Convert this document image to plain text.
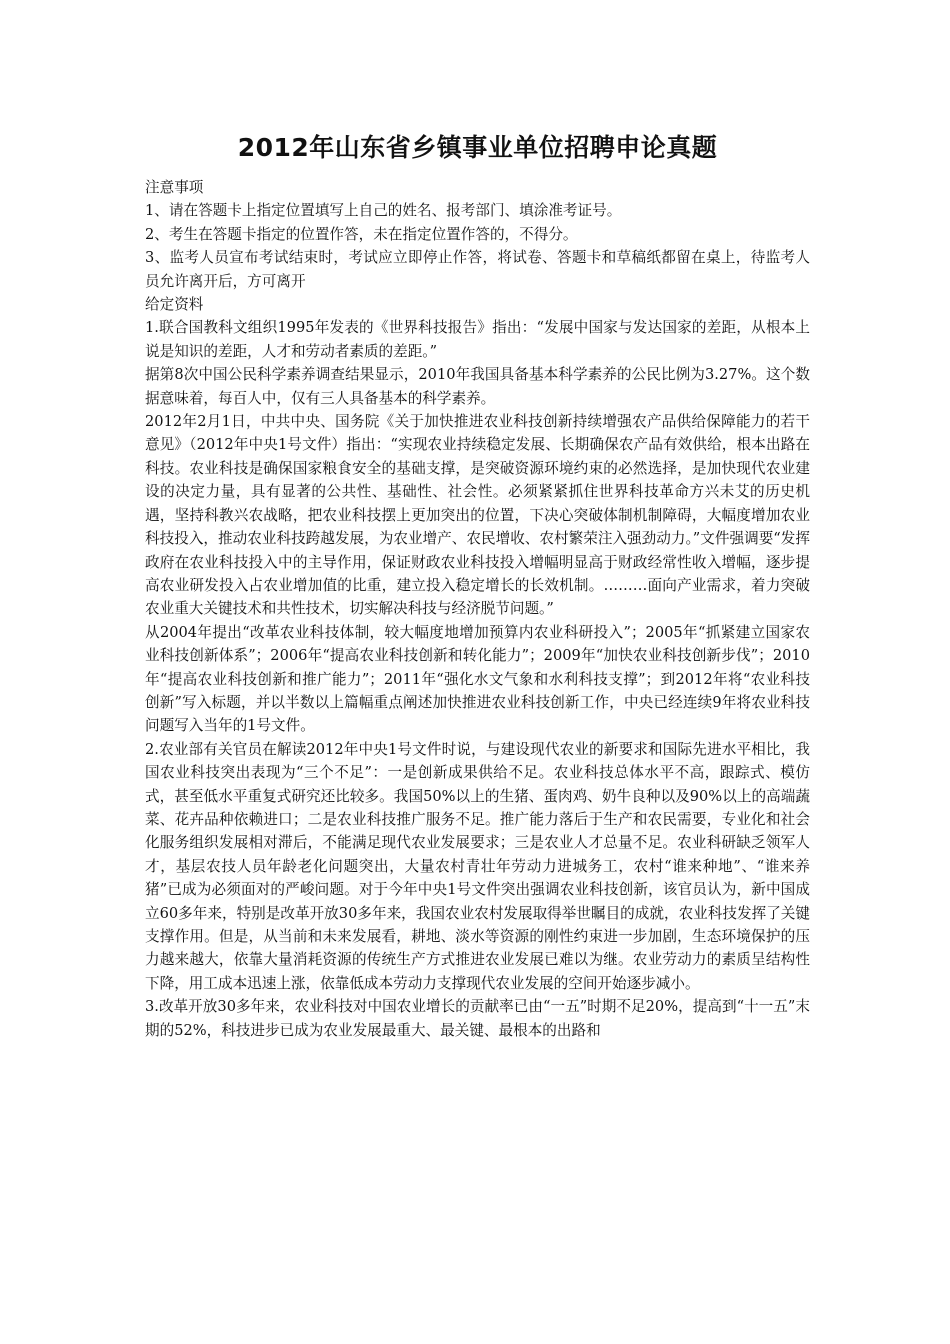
2012年山东省乡镇事业单位招聘申论真题

注意事项

1、请在答题卡上指定位置填写上自己的姓名、报考部门、填涂准考证号。

2、考生在答题卡指定的位置作答，未在指定位置作答的，不得分。

3、监考人员宣布考试结束时，考试应立即停止作答，将试卷、答题卡和草稿纸都留在桌上，待监考人员允许离开后，方可离开

给定资料

1.联合国教科文组织1995年发表的《世界科技报告》指出：“发展中国家与发达国家的差距，从根本上说是知识的差距，人才和劳动者素质的差距。”

据第8次中国公民科学素养调查结果显示，2010年我国具备基本科学素养的公民比例为3.27%。这个数据意味着，每百人中，仅有三人具备基本的科学素养。

2012年2月1日，中共中央、国务院《关于加快推进农业科技创新持续增强农产品供给保障能力的若干意见》（2012年中央1号文件）指出：“实现农业持续稳定发展、长期确保农产品有效供给，根本出路在科技。农业科技是确保国家粮食安全的基础支撑，是突破资源环境约束的必然选择，是加快现代农业建设的决定力量，具有显著的公共性、基础性、社会性。必须紧紧抓住世界科技革命方兴未艾的历史机遇，坚持科教兴农战略，把农业科技摆上更加突出的位置，下决心突破体制机制障碍，大幅度增加农业科技投入，推动农业科技跨越发展，为农业增产、农民增收、农村繁荣注入强劲动力。”文件强调要“发挥政府在农业科技投入中的主导作用，保证财政农业科技投入增幅明显高于财政经常性收入增幅，逐步提高农业研发投入占农业增加值的比重，建立投入稳定增长的长效机制。………面向产业需求，着力突破农业重大关键技术和共性技术，切实解决科技与经济脱节问题。”

从2004年提出“改革农业科技体制，较大幅度地增加预算内农业科研投入”；2005年“抓紧建立国家农业科技创新体系”；2006年“提高农业科技创新和转化能力”；2009年“加快农业科技创新步伐”；2010年“提高农业科技创新和推广能力”；2011年“强化水文气象和水利科技支撑”；到2012年将“农业科技创新”写入标题，并以半数以上篇幅重点阐述加快推进农业科技创新工作，中央已经连续9年将农业科技问题写入当年的1号文件。

2.农业部有关官员在解读2012年中央1号文件时说，与建设现代农业的新要求和国际先进水平相比，我国农业科技突出表现为“三个不足”：一是创新成果供给不足。农业科技总体水平不高，跟踪式、模仿式，甚至低水平重复式研究还比较多。我国50%以上的生猪、蛋肉鸡、奶牛良种以及90%以上的高端蔬菜、花卉品种依赖进口；二是农业科技推广服务不足。推广能力落后于生产和农民需要，专业化和社会化服务组织发展相对滞后，不能满足现代农业发展要求；三是农业人才总量不足。农业科研缺乏领军人才，基层农技人员年龄老化问题突出，大量农村青壮年劳动力进城务工，农村“谁来种地”、“谁来养猪”已成为必须面对的严峻问题。对于今年中央1号文件突出强调农业科技创新，该官员认为，新中国成立60多年来，特别是改革开放30多年来，我国农业农村发展取得举世瞩目的成就，农业科技发挥了关键支撑作用。但是，从当前和未来发展看，耕地、淡水等资源的刚性约束进一步加剧，生态环境保护的压力越来越大，依靠大量消耗资源的传统生产方式推进农业发展已难以为继。农业劳动力的素质呈结构性下降，用工成本迅速上涨，依靠低成本劳动力支撑现代农业发展的空间开始逐步减小。

3.改革开放30多年来，农业科技对中国农业增长的贡献率已由“一五”时期不足20%，提高到“十一五”末期的52%，科技进步已成为农业发展最重大、最关键、最根本的出路和
